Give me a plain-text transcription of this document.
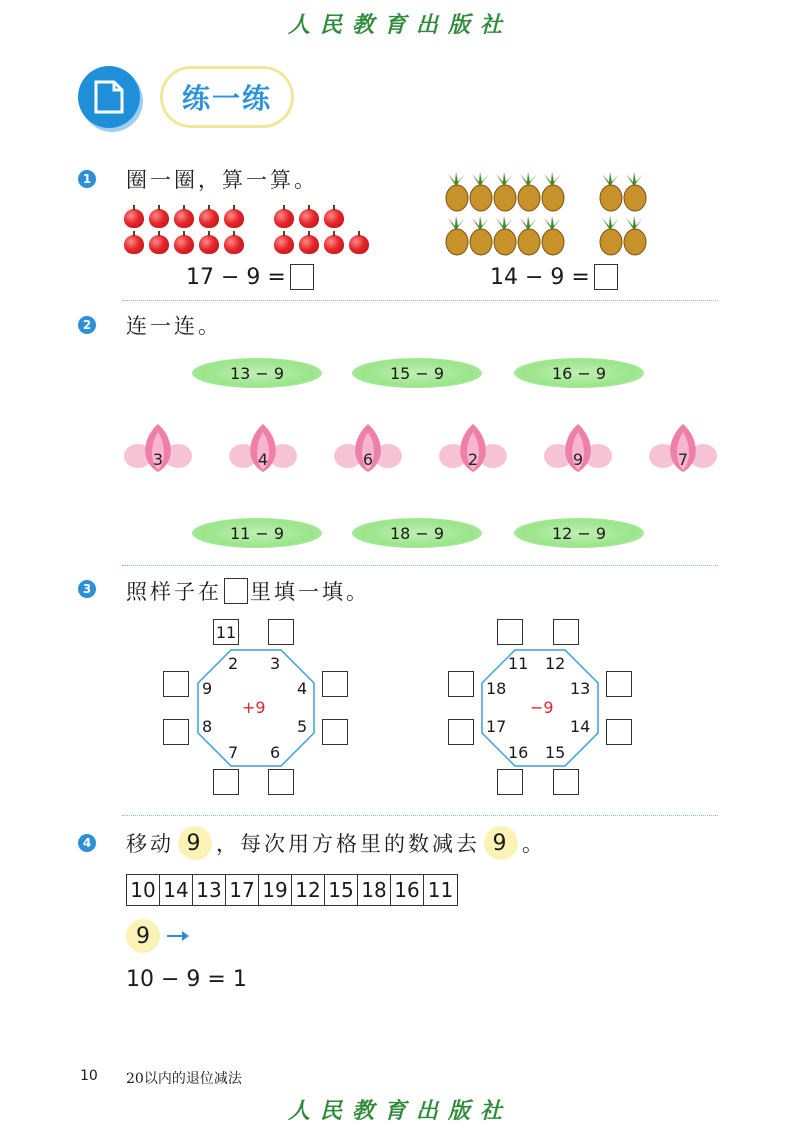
人民教育出版社
练一练
1 圈一圈，算一算。
17 − 9 =	14 − 9 =
2 连一连。
13 − 9	15 − 9	16 − 9
3	4	6	2	9	7
11 − 9	18 − 9	12 − 9
3 照样子在 里填一填。
11
2 3
4
5
6
7
8
9
+9
11 12
13
14
15
16
17
18
−9
4 移动 9 ，每次用方格里的数减去 9 。
10 14 13 17 19 12 15 18 16 11
9
10 − 9 = 1
10 20以内的退位减法
人民教育出版社
